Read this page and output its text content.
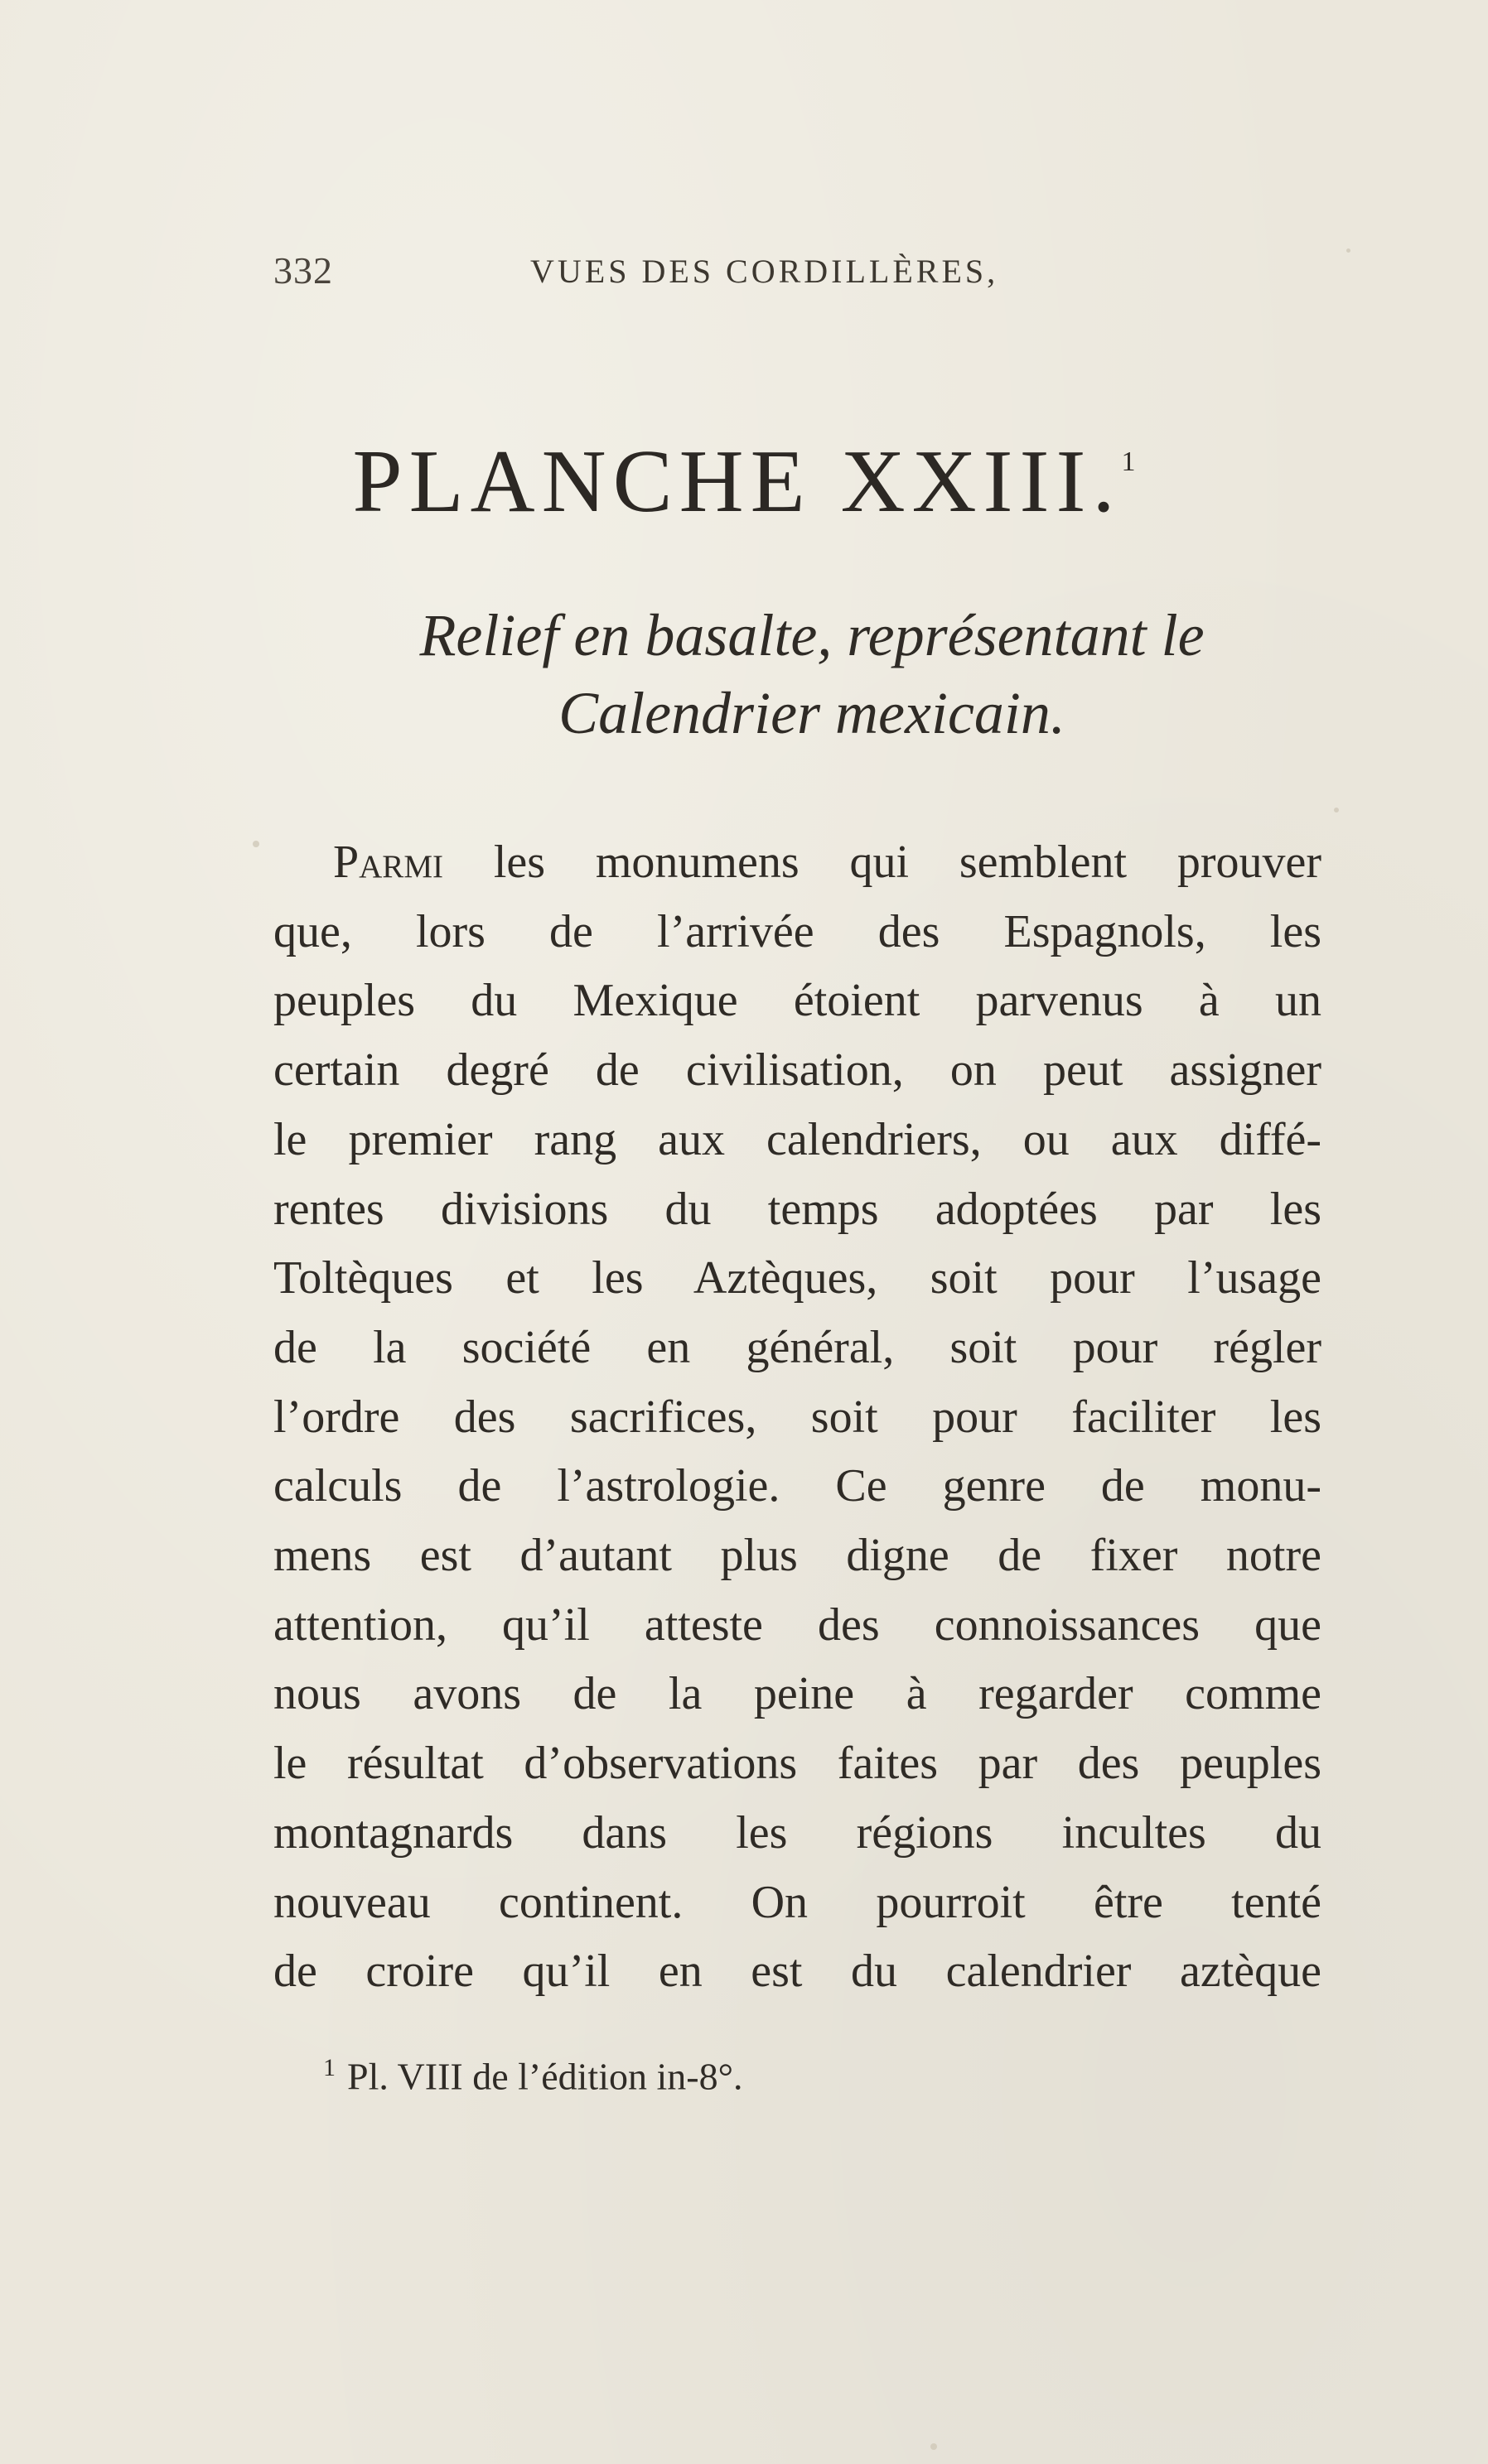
332	VUES DES CORDILLÈRES,
PLANCHE XXIII.$^1$
Relief en basalte, représentant le
Calendrier mexicain.
Parmi les monumens qui semblent prouver
que, lors de l’arrivée des Espagnols, les
peuples du Mexique étoient parvenus à un
certain degré de civilisation, on peut assigner
le premier rang aux calendriers, ou aux diffé-
rentes divisions du temps adoptées par les
Toltèques et les Aztèques, soit pour l’usage
de la société en général, soit pour régler
l’ordre des sacrifices, soit pour faciliter les
calculs de l’astrologie. Ce genre de monu-
mens est d’autant plus digne de fixer notre
attention, qu’il atteste des connoissances que
nous avons de la peine à regarder comme
le résultat d’observations faites par des peuples
montagnards dans les régions incultes du
nouveau continent. On pourroit être tenté
de croire qu’il en est du calendrier aztèque
$^1$ Pl. VIII de l’édition in-8°.
